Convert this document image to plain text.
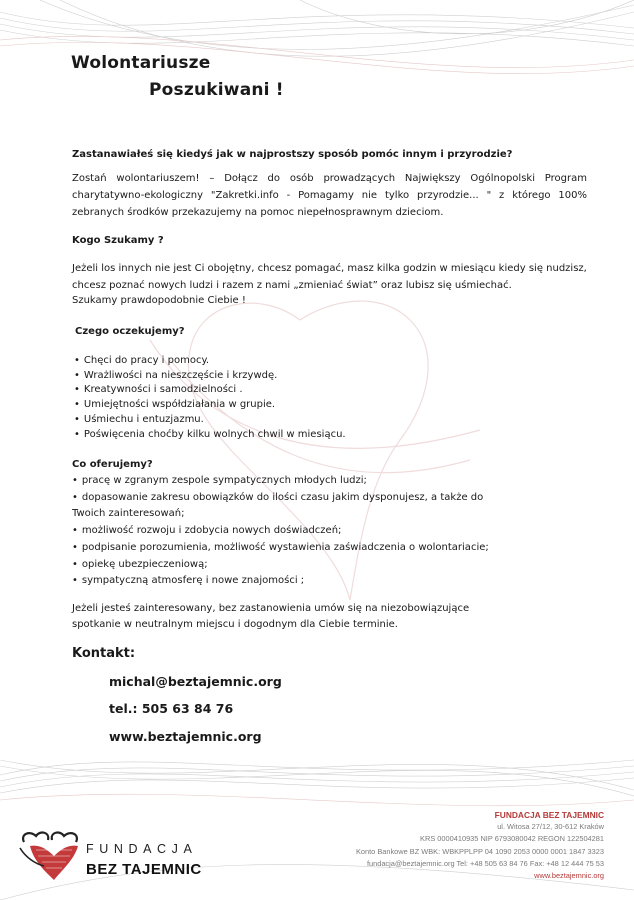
Wolontariusze
Poszukiwani !
Zastanawiałeś się kiedyś jak w najprostszy sposób pomóc innym i przyrodzie?
Zostań wolontariuszem! – Dołącz do osób prowadzących Największy Ogólnopolski Program charytatywno-ekologiczny "Zakretki.info - Pomagamy nie tylko przyrodzie... " z którego 100% zebranych środków przekazujemy na pomoc niepełnosprawnym dzieciom.
Kogo Szukamy ?
Jeżeli los innych nie jest Ci obojętny, chcesz pomagać, masz kilka godzin w miesiącu kiedy się nudzisz, chcesz poznać nowych ludzi i razem z nami „zmieniać świat” oraz lubisz się uśmiechać.
Szukamy prawdopodobnie Ciebie !
Czego oczekujemy?
• Chęci do pracy i pomocy.
• Wrażliwości na nieszczęście i krzywdę.
• Kreatywności i samodzielności .
• Umiejętności współdziałania w grupie.
• Uśmiechu i entuzjazmu.
• Poświęcenia choćby kilku wolnych chwil w miesiącu.
Co oferujemy?
• pracę w zgranym zespole sympatycznych młodych ludzi;
• dopasowanie zakresu obowiązków do ilości czasu jakim dysponujesz, a także do Twoich zainteresowań;
• możliwość rozwoju i zdobycia nowych doświadczeń;
• podpisanie porozumienia, możliwość wystawienia zaświadczenia o wolontariacie;
• opiekę ubezpieczeniową;
• sympatyczną atmosferę i nowe znajomości ;
Jeżeli jesteś zainteresowany, bez zastanowienia umów się na niezobowiązujące
spotkanie w neutralnym miejscu i dogodnym dla Ciebie terminie.
Kontakt:
michal@beztajemnic.org
tel.: 505 63 84 76
www.beztajemnic.org
FUNDACJA
BEZ TAJEMNIC
FUNDACJA BEZ TAJEMNIC
ul. Witosa 27/12, 30-612 Kraków
KRS 0000410935 NIP 6793080042 REGON 122504281
Konto Bankowe BZ WBK: WBKPPLPP 04 1090 2053 0000 0001 1847 3323
fundacja@beztajemnic.org Tel: +48 505 63 84 76 Fax: +48 12 444 75 53
www.beztajemnic.org
